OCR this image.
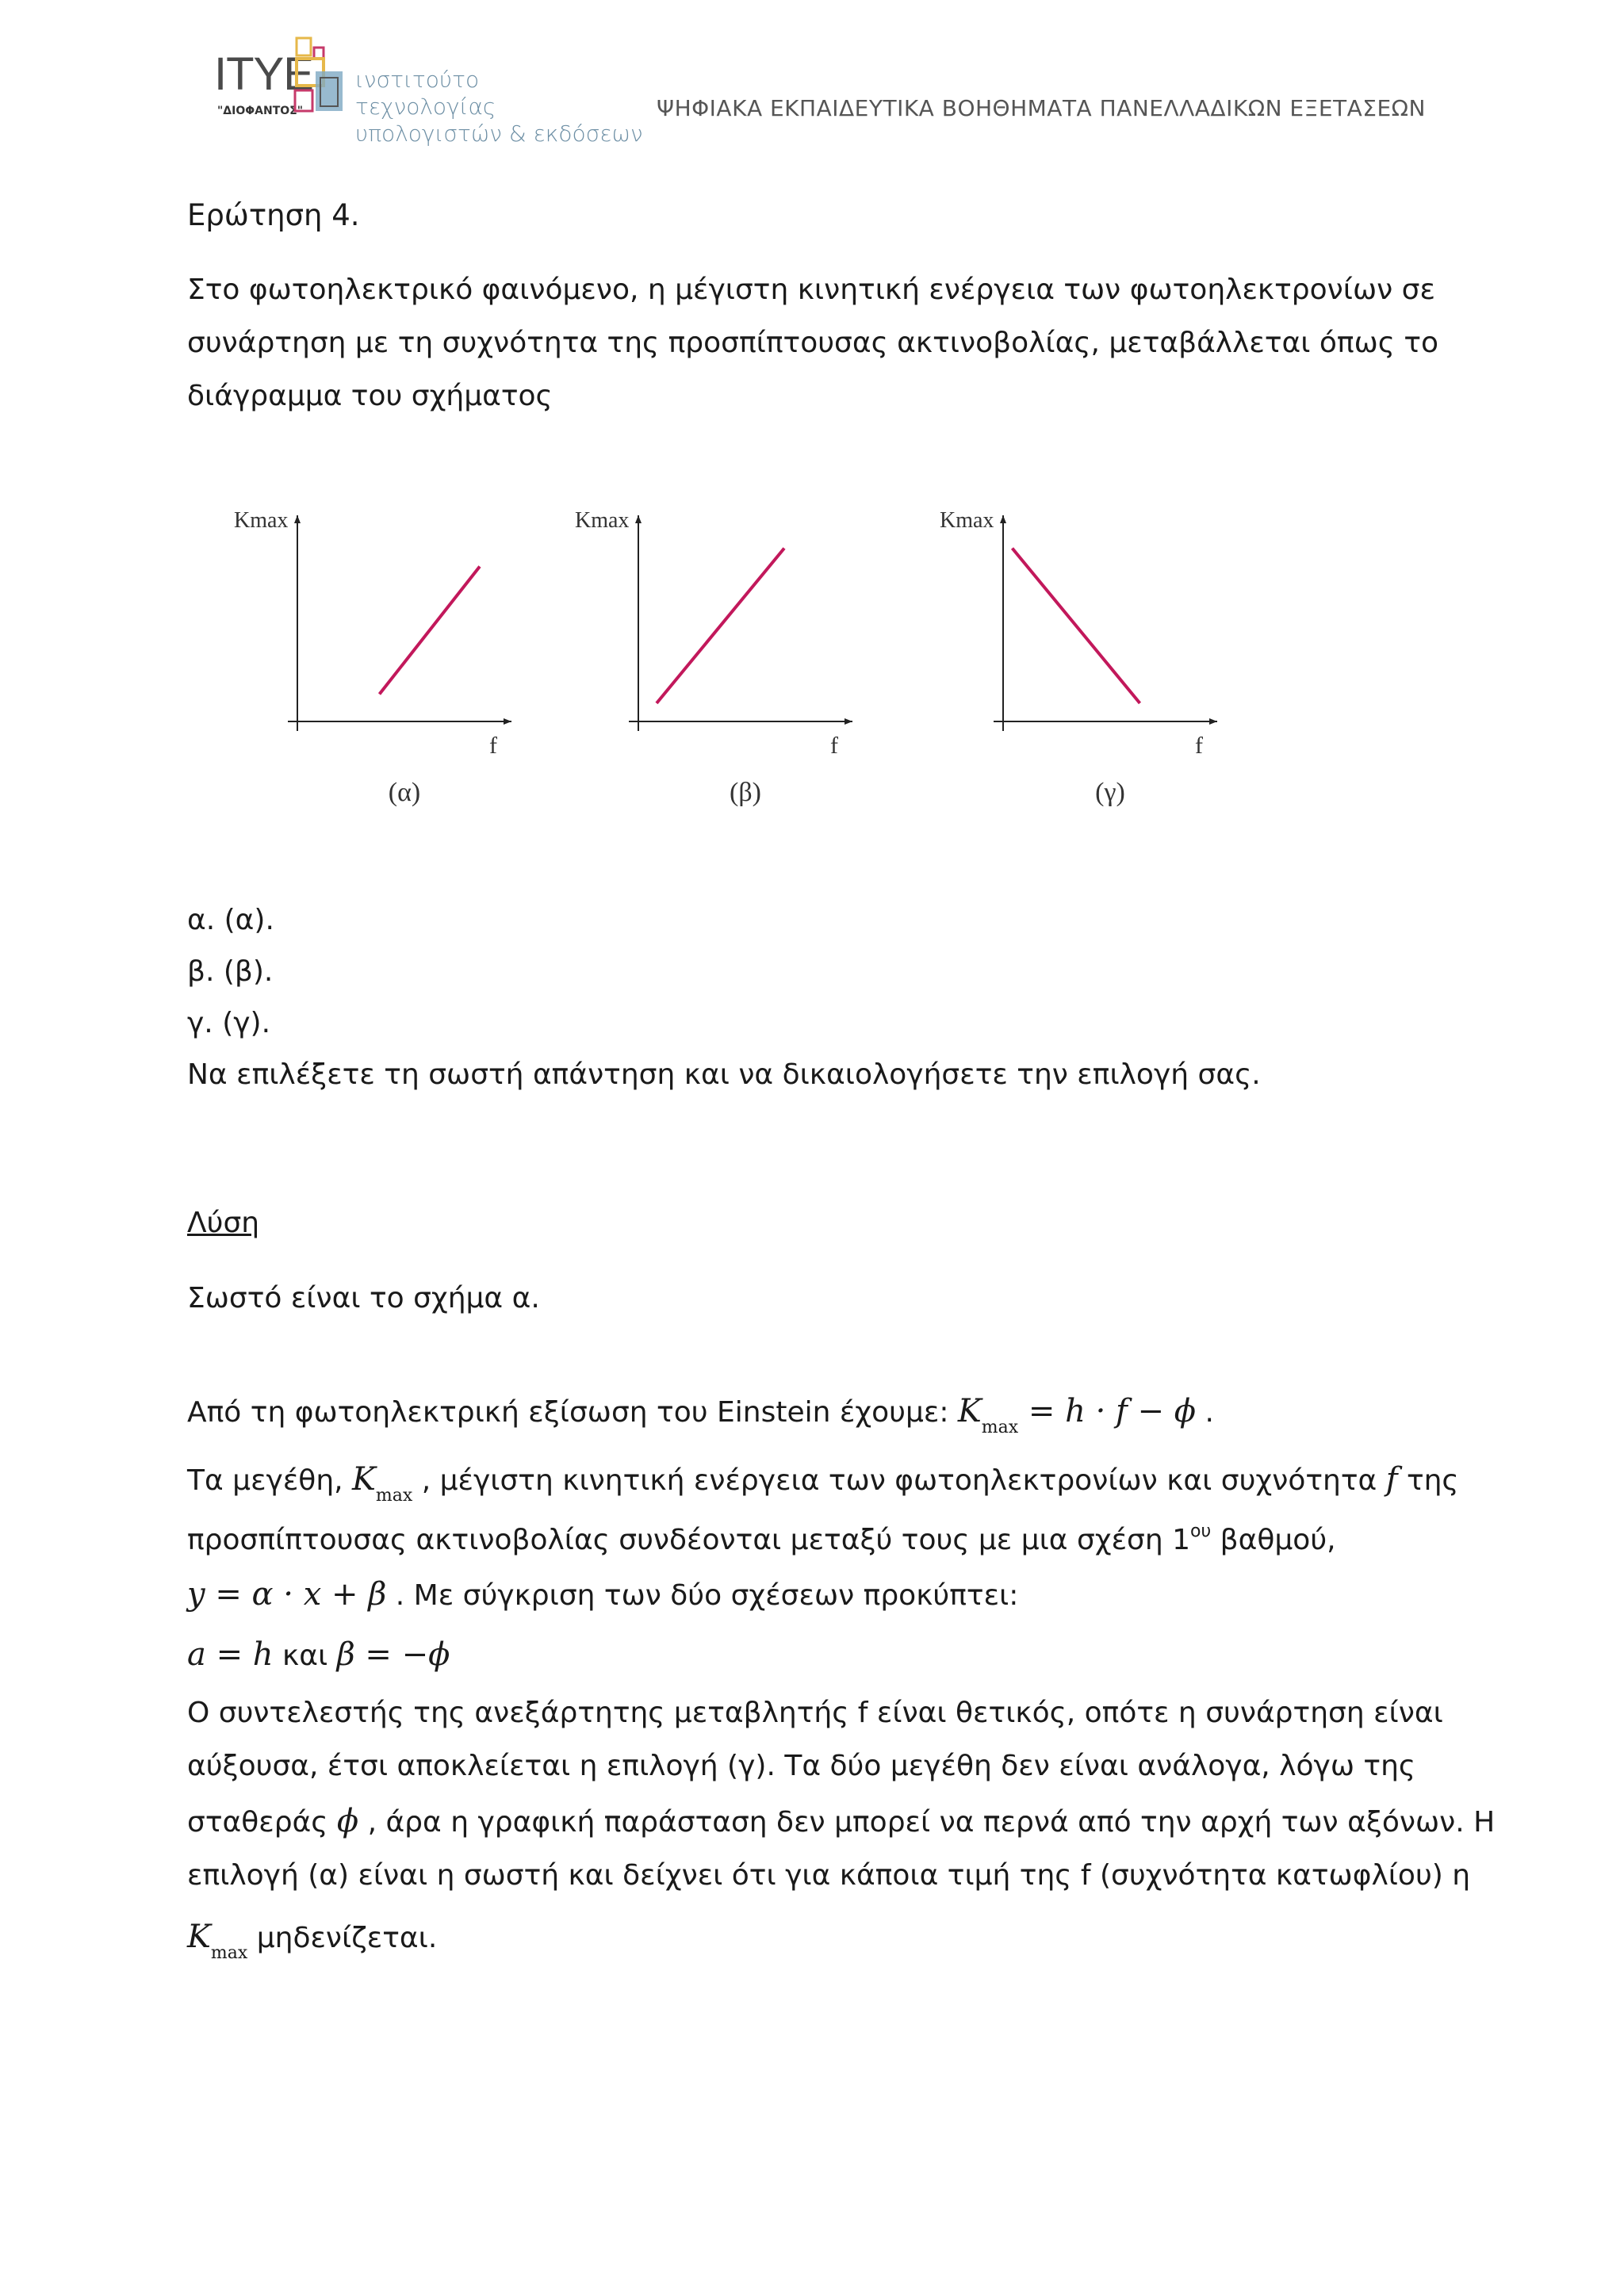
ITYE
"ΔΙΟΦΑΝΤΟΣ"
ινστιτούτο
τεχνολογίας
υπολογιστών & εκδόσεων
ΨΗΦΙΑΚΑ ΕΚΠΑΙΔΕΥΤΙΚΑ ΒΟΗΘΗΜΑΤΑ ΠΑΝΕΛΛΑΔΙΚΩΝ ΕΞΕΤΑΣΕΩΝ
Ερώτηση 4.
Στο φωτοηλεκτρικό φαινόμενο, η μέγιστη κινητική ενέργεια των φωτοηλεκτρονίων σε
συνάρτηση με τη συχνότητα της προσπίπτουσας ακτινοβολίας, μεταβάλλεται όπως το
διάγραμμα του σχήματος
α. (α).
β. (β).
γ. (γ).
Να επιλέξετε τη σωστή απάντηση και να δικαιολογήσετε την επιλογή σας.
Λύση
Σωστό είναι το σχήμα α.
Από τη φωτοηλεκτρική εξίσωση του Einstein έχουμε: $K_{max} = h \cdot f - \phi$ .
Τα μεγέθη, $K_{max}$ , μέγιστη κινητική ενέργεια των φωτοηλεκτρονίων και συχνότητα f της
προσπίπτουσας ακτινοβολίας συνδέονται μεταξύ τους με μια σχέση $1^{o\upsilon}$ βαθμού,
y = α · x + β . Με σύγκριση των δύο σχέσεων προκύπτει:
a = h και β = −ϕ
Ο συντελεστής της ανεξάρτητης μεταβλητής f είναι θετικός, οπότε η συνάρτηση είναι
αύξουσα, έτσι αποκλείεται η επιλογή (γ). Τα δύο μεγέθη δεν είναι ανάλογα, λόγω της
σταθεράς ϕ , άρα η γραφική παράσταση δεν μπορεί να περνά από την αρχή των αξόνων. Η
επιλογή (α) είναι η σωστή και δείχνει ότι για κάποια τιμή της f (συχνότητα κατωφλίου) η
$K_{max}$ μηδενίζεται.
Kmax
f
(α)
Kmax
f
(β)
Kmax
f
(γ)
